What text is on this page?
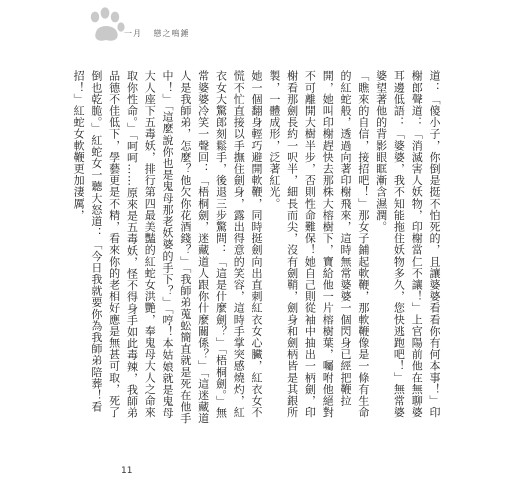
一月 戀之鳴錘

道：「傻小子，你倒是挺不怕死的，且讓婆婆看看你有何本事！」印榭郎聲道：「消滅害人妖物，印榭當仁不讓！」上官陽前他在無聊婆耳邊低語：「婆婆，我不知能拖住妖物多久，您快逃跑吧！」無常婆婆望著他的背影眼眶漸含濕潤。

「瞧來的自信，接招吧！」那女子鋪起軟鞭，那軟鞭像是一條有生命的紅蛇般，透過向著印榭飛來，這時無常婆婆一個閃身已經把鞭拉開，她叫印榭趕快去那株大榕樹下，寶給他一片榕樹葉，囑咐他絕對不可離開大樹半步，否則性命難保！她自己則從袖中抽出一柄劍，印榭看那劍長約一呎半，細長而尖，沒有劍鞘，劍身和劍柄皆是其銀所製，一體成形，泛著紅光。

她一個翻身輕巧避開軟鞭，同時挺劍向出直刺紅衣女心臟，紅衣女不慌不忙直接以手撫住劍身，露出得意的笑容，這時手掌突感燒灼，紅衣女大驚郎刻鬆手，後退三步驚問：「這是什麼劍？」「梧桐劍。」無常婆婆冷笑一聲回：「梧桐劍，迷藏道人跟你什麼關係？」「這迷藏道人是我師弟，怎麼？他欠你花酒錢？」「我師弟蒐蚣簡直就是死在他手中！」「這麼說你也是鬼母那老妖婆的手下？」「哼！本姑娘就是鬼母大人座下五毒妖，排行第四最美豔的紅蛇女洪艷，奉鬼母大人之命來取你性命。」「呵呵……原來是五毒妖，怪不得身手如此毒辣，我師弟品德不佳低下，學藝更是不精，看來你的老相好應是無甚可取，死了倒也乾脆。」紅蛇女一聽大怒道：「今日我就要你為我師弟陪葬！看招！」紅蛇女軟鞭更加淒厲，

11
